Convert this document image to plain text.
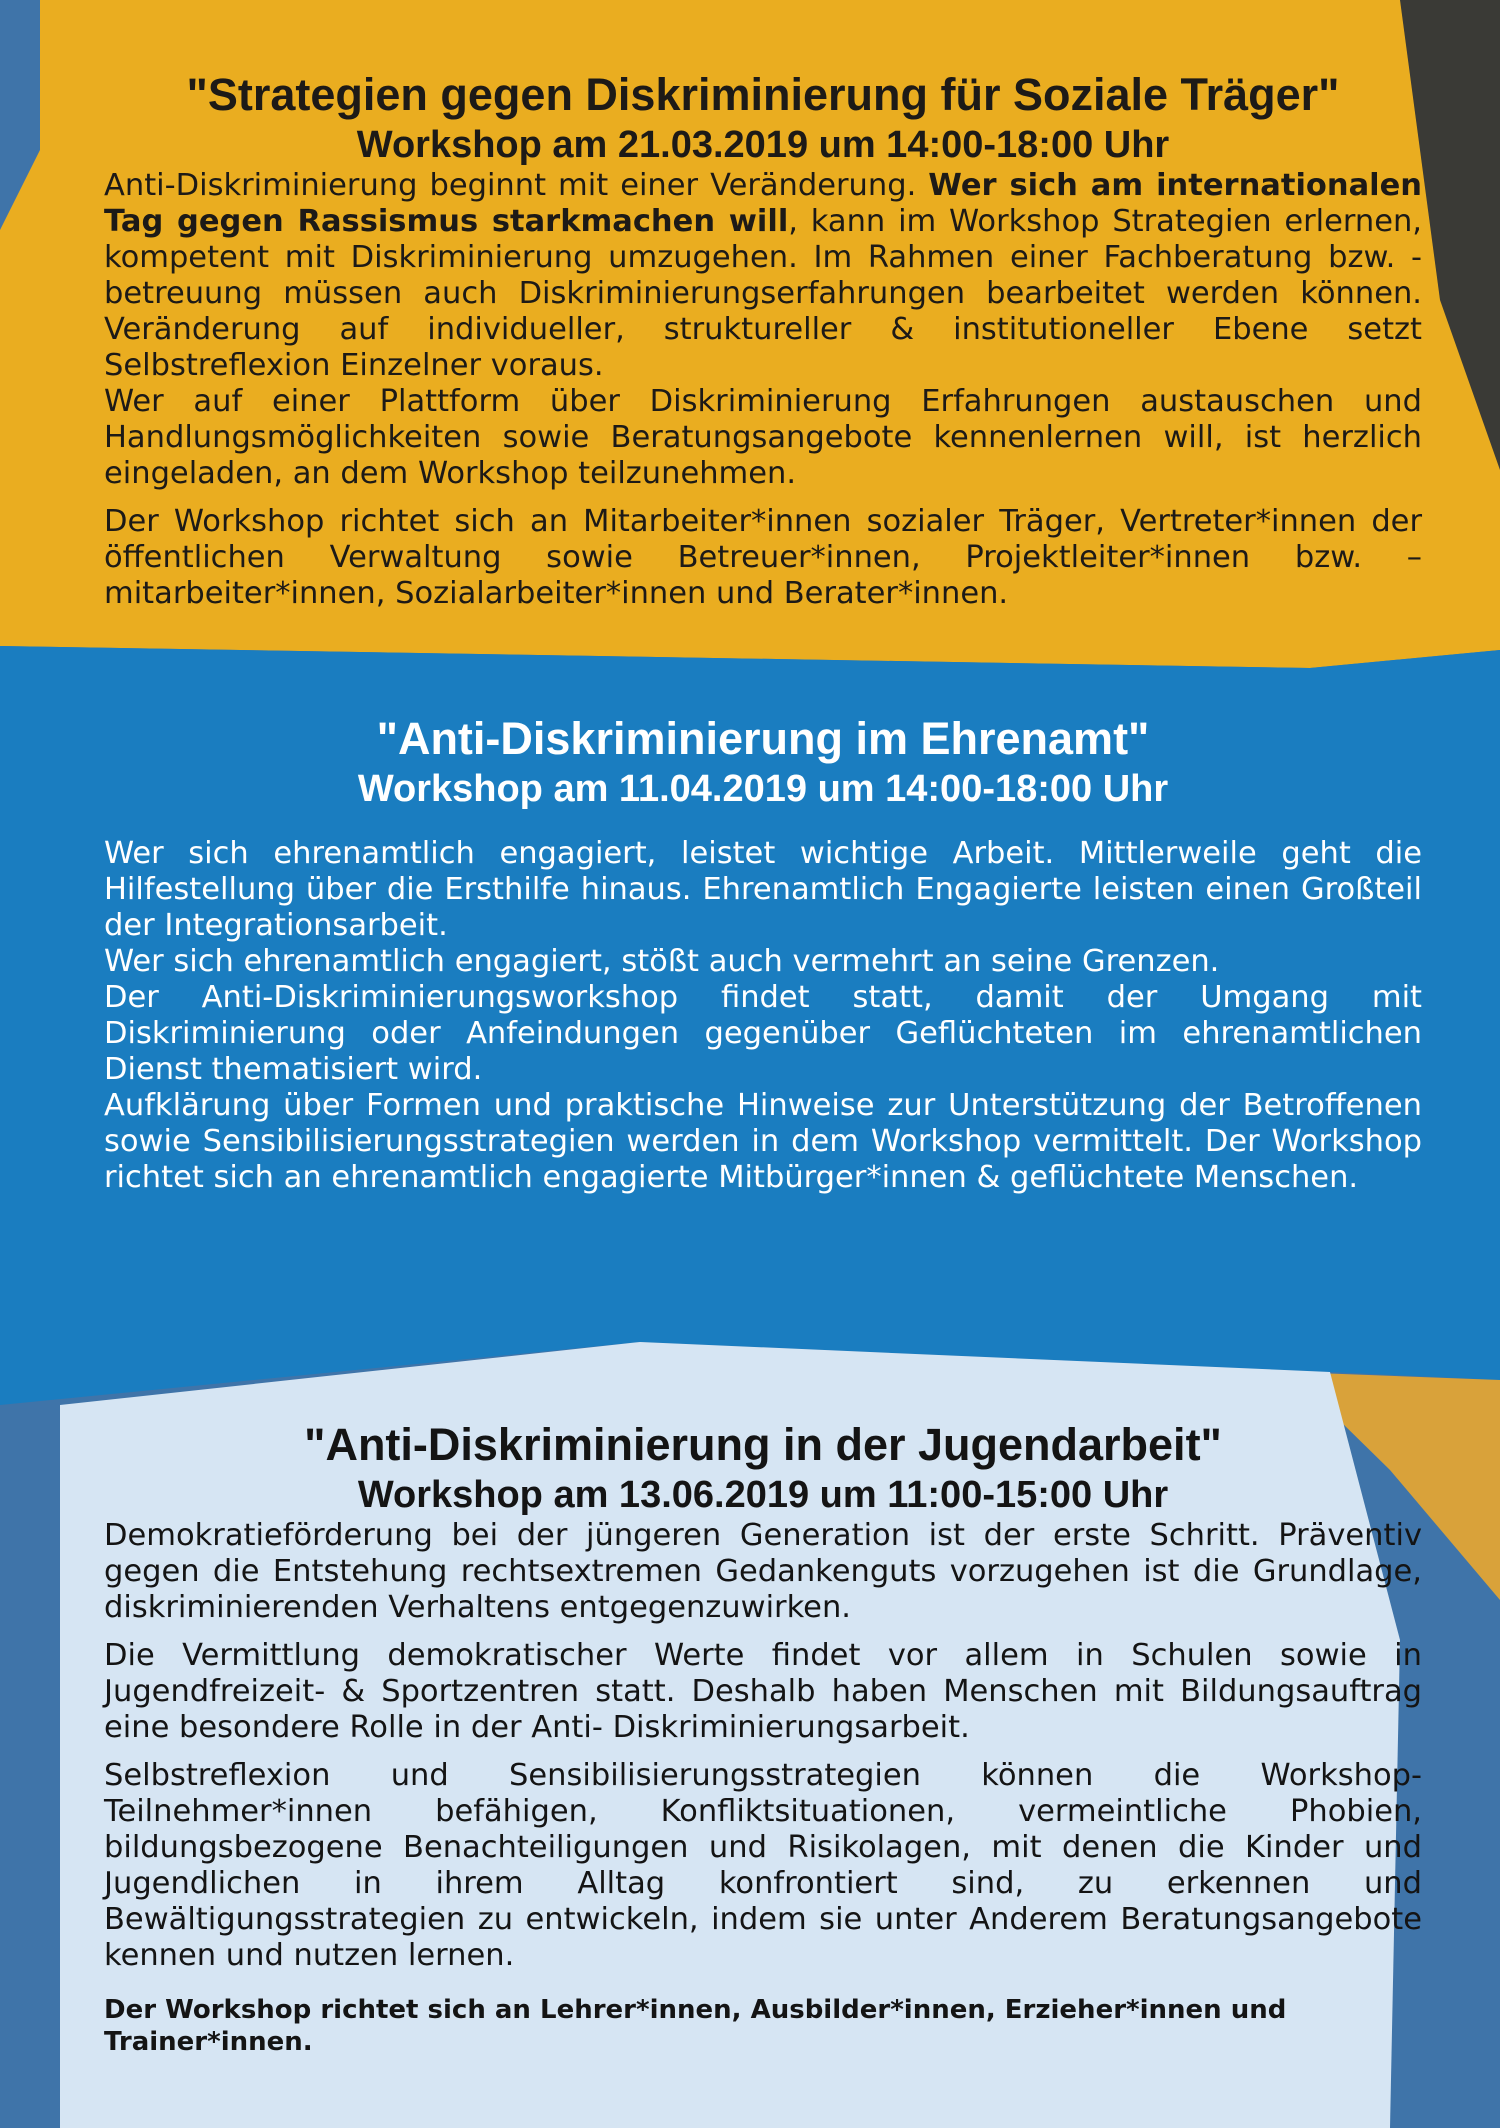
"Strategien gegen Diskriminierung für Soziale Träger"
Workshop am 21.03.2019 um 14:00-18:00 Uhr

Anti-Diskriminierung beginnt mit einer Veränderung. Wer sich am internationalen Tag gegen Rassismus starkmachen will, kann im Workshop Strategien erlernen, kompetent mit Diskriminierung umzugehen. Im Rahmen einer Fachberatung bzw. -betreuung müssen auch Diskriminierungserfahrungen bearbeitet werden können. Veränderung auf individueller, struktureller & institutioneller Ebene setzt Selbstreflexion Einzelner voraus.

Wer auf einer Plattform über Diskriminierung Erfahrungen austauschen und Handlungsmöglichkeiten sowie Beratungsangebote kennenlernen will, ist herzlich eingeladen, an dem Workshop teilzunehmen.

Der Workshop richtet sich an Mitarbeiter*innen sozialer Träger, Vertreter*innen der öffentlichen Verwaltung sowie Betreuer*innen, Projektleiter*innen bzw. – mitarbeiter*innen, Sozialarbeiter*innen und Berater*innen.

"Anti-Diskriminierung im Ehrenamt"
Workshop am 11.04.2019 um 14:00-18:00 Uhr

Wer sich ehrenamtlich engagiert, leistet wichtige Arbeit. Mittlerweile geht die Hilfestellung über die Ersthilfe hinaus. Ehrenamtlich Engagierte leisten einen Großteil der Integrationsarbeit.

Wer sich ehrenamtlich engagiert, stößt auch vermehrt an seine Grenzen.

Der Anti-Diskriminierungsworkshop findet statt, damit der Umgang mit Diskriminierung oder Anfeindungen gegenüber Geflüchteten im ehrenamtlichen Dienst thematisiert wird.

Aufklärung über Formen und praktische Hinweise zur Unterstützung der Betroffenen sowie Sensibilisierungsstrategien werden in dem Workshop vermittelt. Der Workshop richtet sich an ehrenamtlich engagierte Mitbürger*innen & geflüchtete Menschen.

"Anti-Diskriminierung in der Jugendarbeit"
Workshop am 13.06.2019 um 11:00-15:00 Uhr

Demokratieförderung bei der jüngeren Generation ist der erste Schritt. Präventiv gegen die Entstehung rechtsextremen Gedankenguts vorzugehen ist die Grundlage, diskriminierenden Verhaltens entgegenzuwirken.

Die Vermittlung demokratischer Werte findet vor allem in Schulen sowie in Jugendfreizeit- & Sportzentren statt. Deshalb haben Menschen mit Bildungsauftrag eine besondere Rolle in der Anti- Diskriminierungsarbeit.

Selbstreflexion und Sensibilisierungsstrategien können die Workshop-Teilnehmer*innen befähigen, Konfliktsituationen, vermeintliche Phobien, bildungsbezogene Benachteiligungen und Risikolagen, mit denen die Kinder und Jugendlichen in ihrem Alltag konfrontiert sind, zu erkennen und Bewältigungsstrategien zu entwickeln, indem sie unter Anderem Beratungsangebote kennen und nutzen lernen.

Der Workshop richtet sich an Lehrer*innen, Ausbilder*innen, Erzieher*innen und Trainer*innen.
